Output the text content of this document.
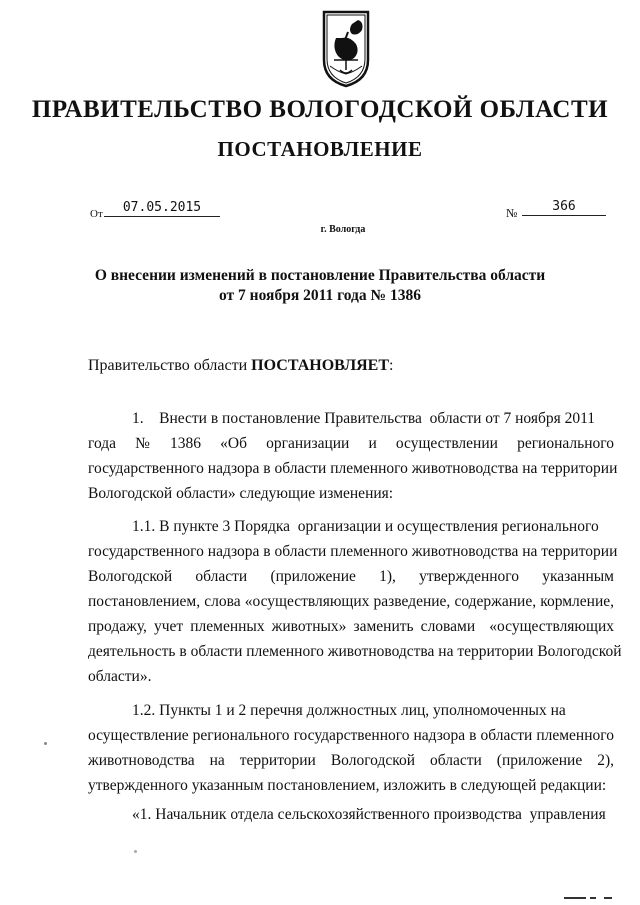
ПРАВИТЕЛЬСТВО ВОЛОГОДСКОЙ ОБЛАСТИ
ПОСТАНОВЛЕНИЕ
От	07.05.2015	№	366
г. Вологда
О внесении изменений в постановление Правительства области
от 7 ноября 2011 года № 1386
Правительство области ПОСТАНОВЛЯЕТ:
1.    Внести в постановление Правительства  области от 7 ноября 2011
года    №    1386    «Об    организации    и    осуществлении    регионального
государственного надзора в области племенного животноводства на территории
Вологодской области» следующие изменения:
1.1. В пункте 3 Порядка  организации и осуществления регионального
государственного надзора в области племенного животноводства на территории
Вологодской     области     (приложение     1),     утвержденного     указанным
постановлением, слова «осуществляющих разведение, содержание, кормление,
продажу, учет племенных животных» заменить словами  «осуществляющих
деятельность в области племенного животноводства на территории Вологодской
области».
1.2. Пункты 1 и 2 перечня должностных лиц, уполномоченных на
осуществление регионального государственного надзора в области племенного
животноводства   на   территории   Вологодской   области   (приложение   2),
утвержденного указанным постановлением, изложить в следующей редакции:
«1. Начальник отдела сельскохозяйственного производства  управления
